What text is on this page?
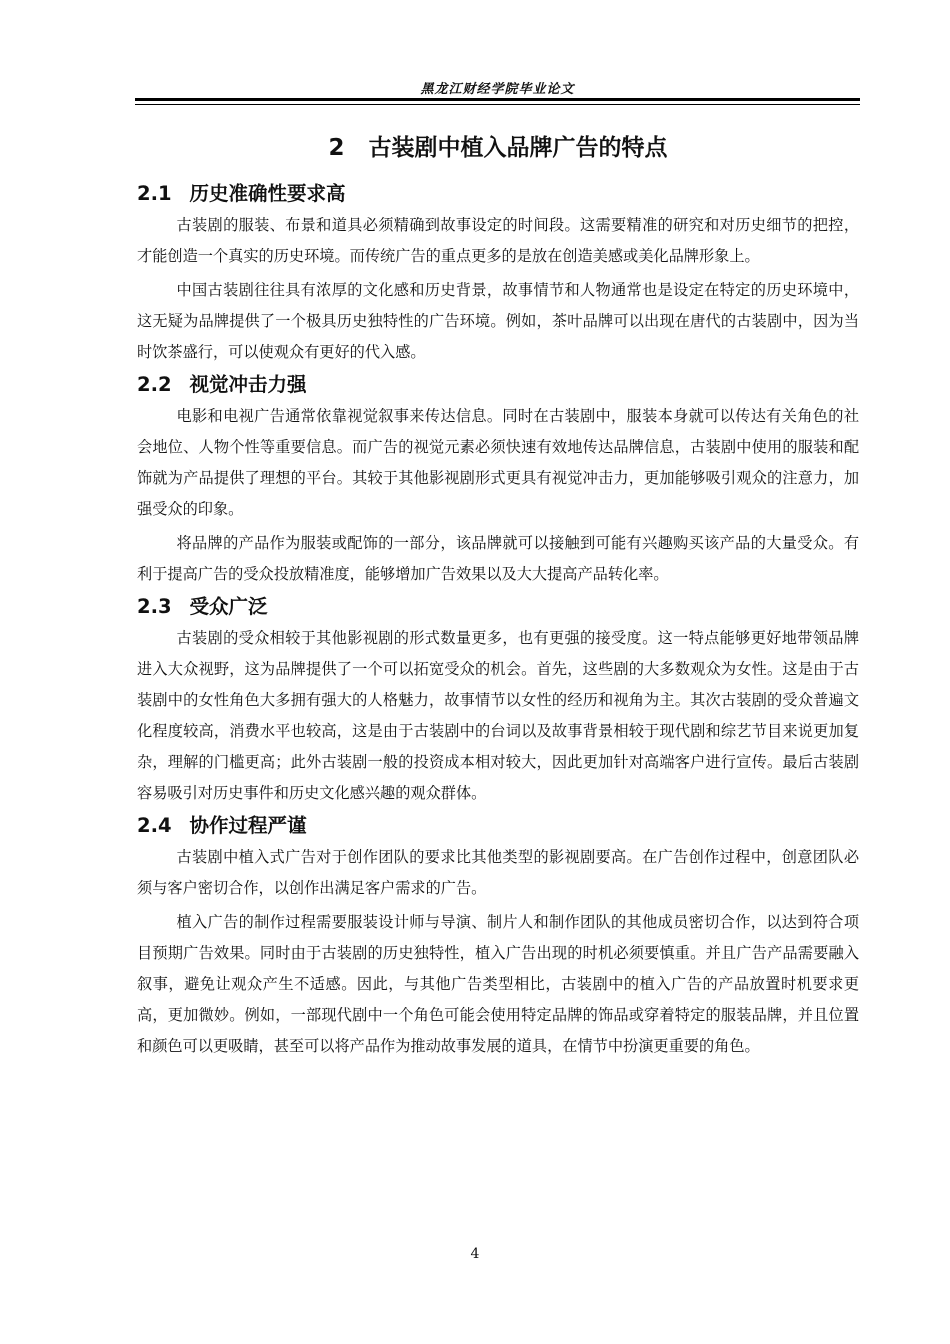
黑龙江财经学院毕业论文
2 古装剧中植入品牌广告的特点
2.1 历史准确性要求高

古装剧的服装、布景和道具必须精确到故事设定的时间段。这需要精准的研究和对历史细节的把控，才能创造一个真实的历史环境。而传统广告的重点更多的是放在创造美感或美化品牌形象上。

中国古装剧往往具有浓厚的文化感和历史背景，故事情节和人物通常也是设定在特定的历史环境中，这无疑为品牌提供了一个极具历史独特性的广告环境。例如，茶叶品牌可以出现在唐代的古装剧中，因为当时饮茶盛行，可以使观众有更好的代入感。

2.2 视觉冲击力强

电影和电视广告通常依靠视觉叙事来传达信息。同时在古装剧中，服装本身就可以传达有关角色的社会地位、人物个性等重要信息。而广告的视觉元素必须快速有效地传达品牌信息，古装剧中使用的服装和配饰就为产品提供了理想的平台。其较于其他影视剧形式更具有视觉冲击力，更加能够吸引观众的注意力，加强受众的印象。

将品牌的产品作为服装或配饰的一部分，该品牌就可以接触到可能有兴趣购买该产品的大量受众。有利于提高广告的受众投放精准度，能够增加广告效果以及大大提高产品转化率。

2.3 受众广泛

古装剧的受众相较于其他影视剧的形式数量更多，也有更强的接受度。这一特点能够更好地带领品牌进入大众视野，这为品牌提供了一个可以拓宽受众的机会。首先，这些剧的大多数观众为女性。这是由于古装剧中的女性角色大多拥有强大的人格魅力，故事情节以女性的经历和视角为主。其次古装剧的受众普遍文化程度较高，消费水平也较高，这是由于古装剧中的台词以及故事背景相较于现代剧和综艺节目来说更加复杂，理解的门槛更高；此外古装剧一般的投资成本相对较大，因此更加针对高端客户进行宣传。最后古装剧容易吸引对历史事件和历史文化感兴趣的观众群体。

2.4 协作过程严谨

古装剧中植入式广告对于创作团队的要求比其他类型的影视剧要高。在广告创作过程中，创意团队必须与客户密切合作，以创作出满足客户需求的广告。

植入广告的制作过程需要服装设计师与导演、制片人和制作团队的其他成员密切合作，以达到符合项目预期广告效果。同时由于古装剧的历史独特性，植入广告出现的时机必须要慎重。并且广告产品需要融入叙事，避免让观众产生不适感。因此，与其他广告类型相比，古装剧中的植入广告的产品放置时机要求更高，更加微妙。例如，一部现代剧中一个角色可能会使用特定品牌的饰品或穿着特定的服装品牌，并且位置和颜色可以更吸睛，甚至可以将产品作为推动故事发展的道具，在情节中扮演更重要的角色。

4
